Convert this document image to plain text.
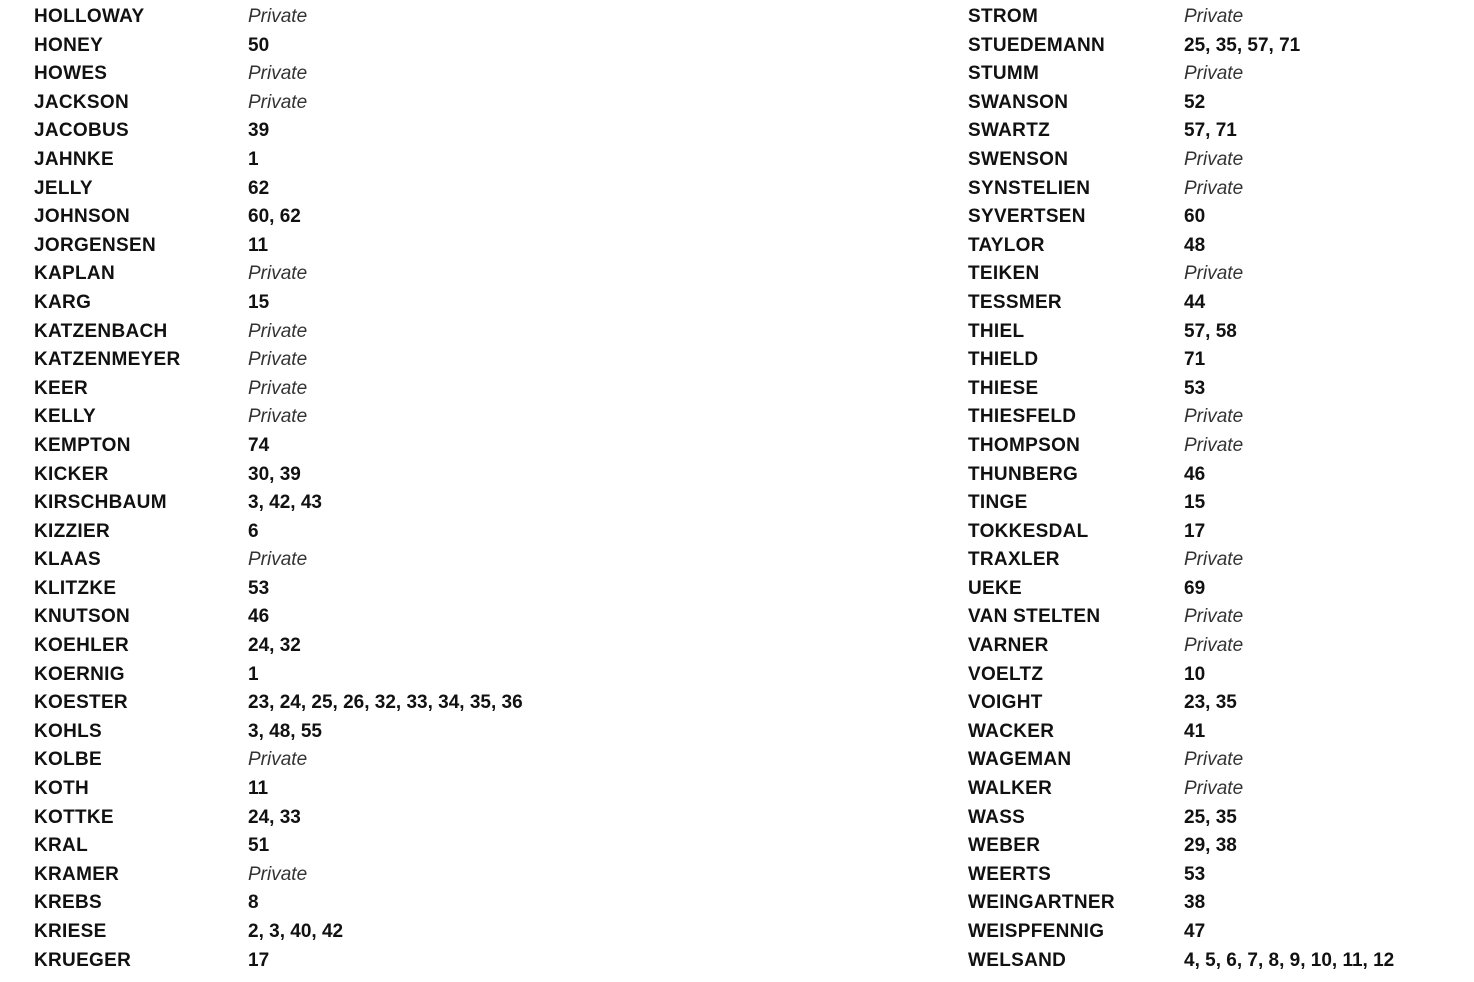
HOLLOWAY	Private
HONEY	50
HOWES	Private
JACKSON	Private
JACOBUS	39
JAHNKE	1
JELLY	62
JOHNSON	60, 62
JORGENSEN	11
KAPLAN	Private
KARG	15
KATZENBACH	Private
KATZENMEYER	Private
KEER	Private
KELLY	Private
KEMPTON	74
KICKER	30, 39
KIRSCHBAUM	3, 42, 43
KIZZIER	6
KLAAS	Private
KLITZKE	53
KNUTSON	46
KOEHLER	24, 32
KOERNIG	1
KOESTER	23, 24, 25, 26, 32, 33, 34, 35, 36
KOHLS	3, 48, 55
KOLBE	Private
KOTH	11
KOTTKE	24, 33
KRAL	51
KRAMER	Private
KREBS	8
KRIESE	2, 3, 40, 42
KRUEGER	17
STROM	Private
STUEDEMANN	25, 35, 57, 71
STUMM	Private
SWANSON	52
SWARTZ	57, 71
SWENSON	Private
SYNSTELIEN	Private
SYVERTSEN	60
TAYLOR	48
TEIKEN	Private
TESSMER	44
THIEL	57, 58
THIELD	71
THIESE	53
THIESFELD	Private
THOMPSON	Private
THUNBERG	46
TINGE	15
TOKKESDAL	17
TRAXLER	Private
UEKE	69
VAN STELTEN	Private
VARNER	Private
VOELTZ	10
VOIGHT	23, 35
WACKER	41
WAGEMAN	Private
WALKER	Private
WASS	25, 35
WEBER	29, 38
WEERTS	53
WEINGARTNER	38
WEISPFENNIG	47
WELSAND	4, 5, 6, 7, 8, 9, 10, 11, 12
